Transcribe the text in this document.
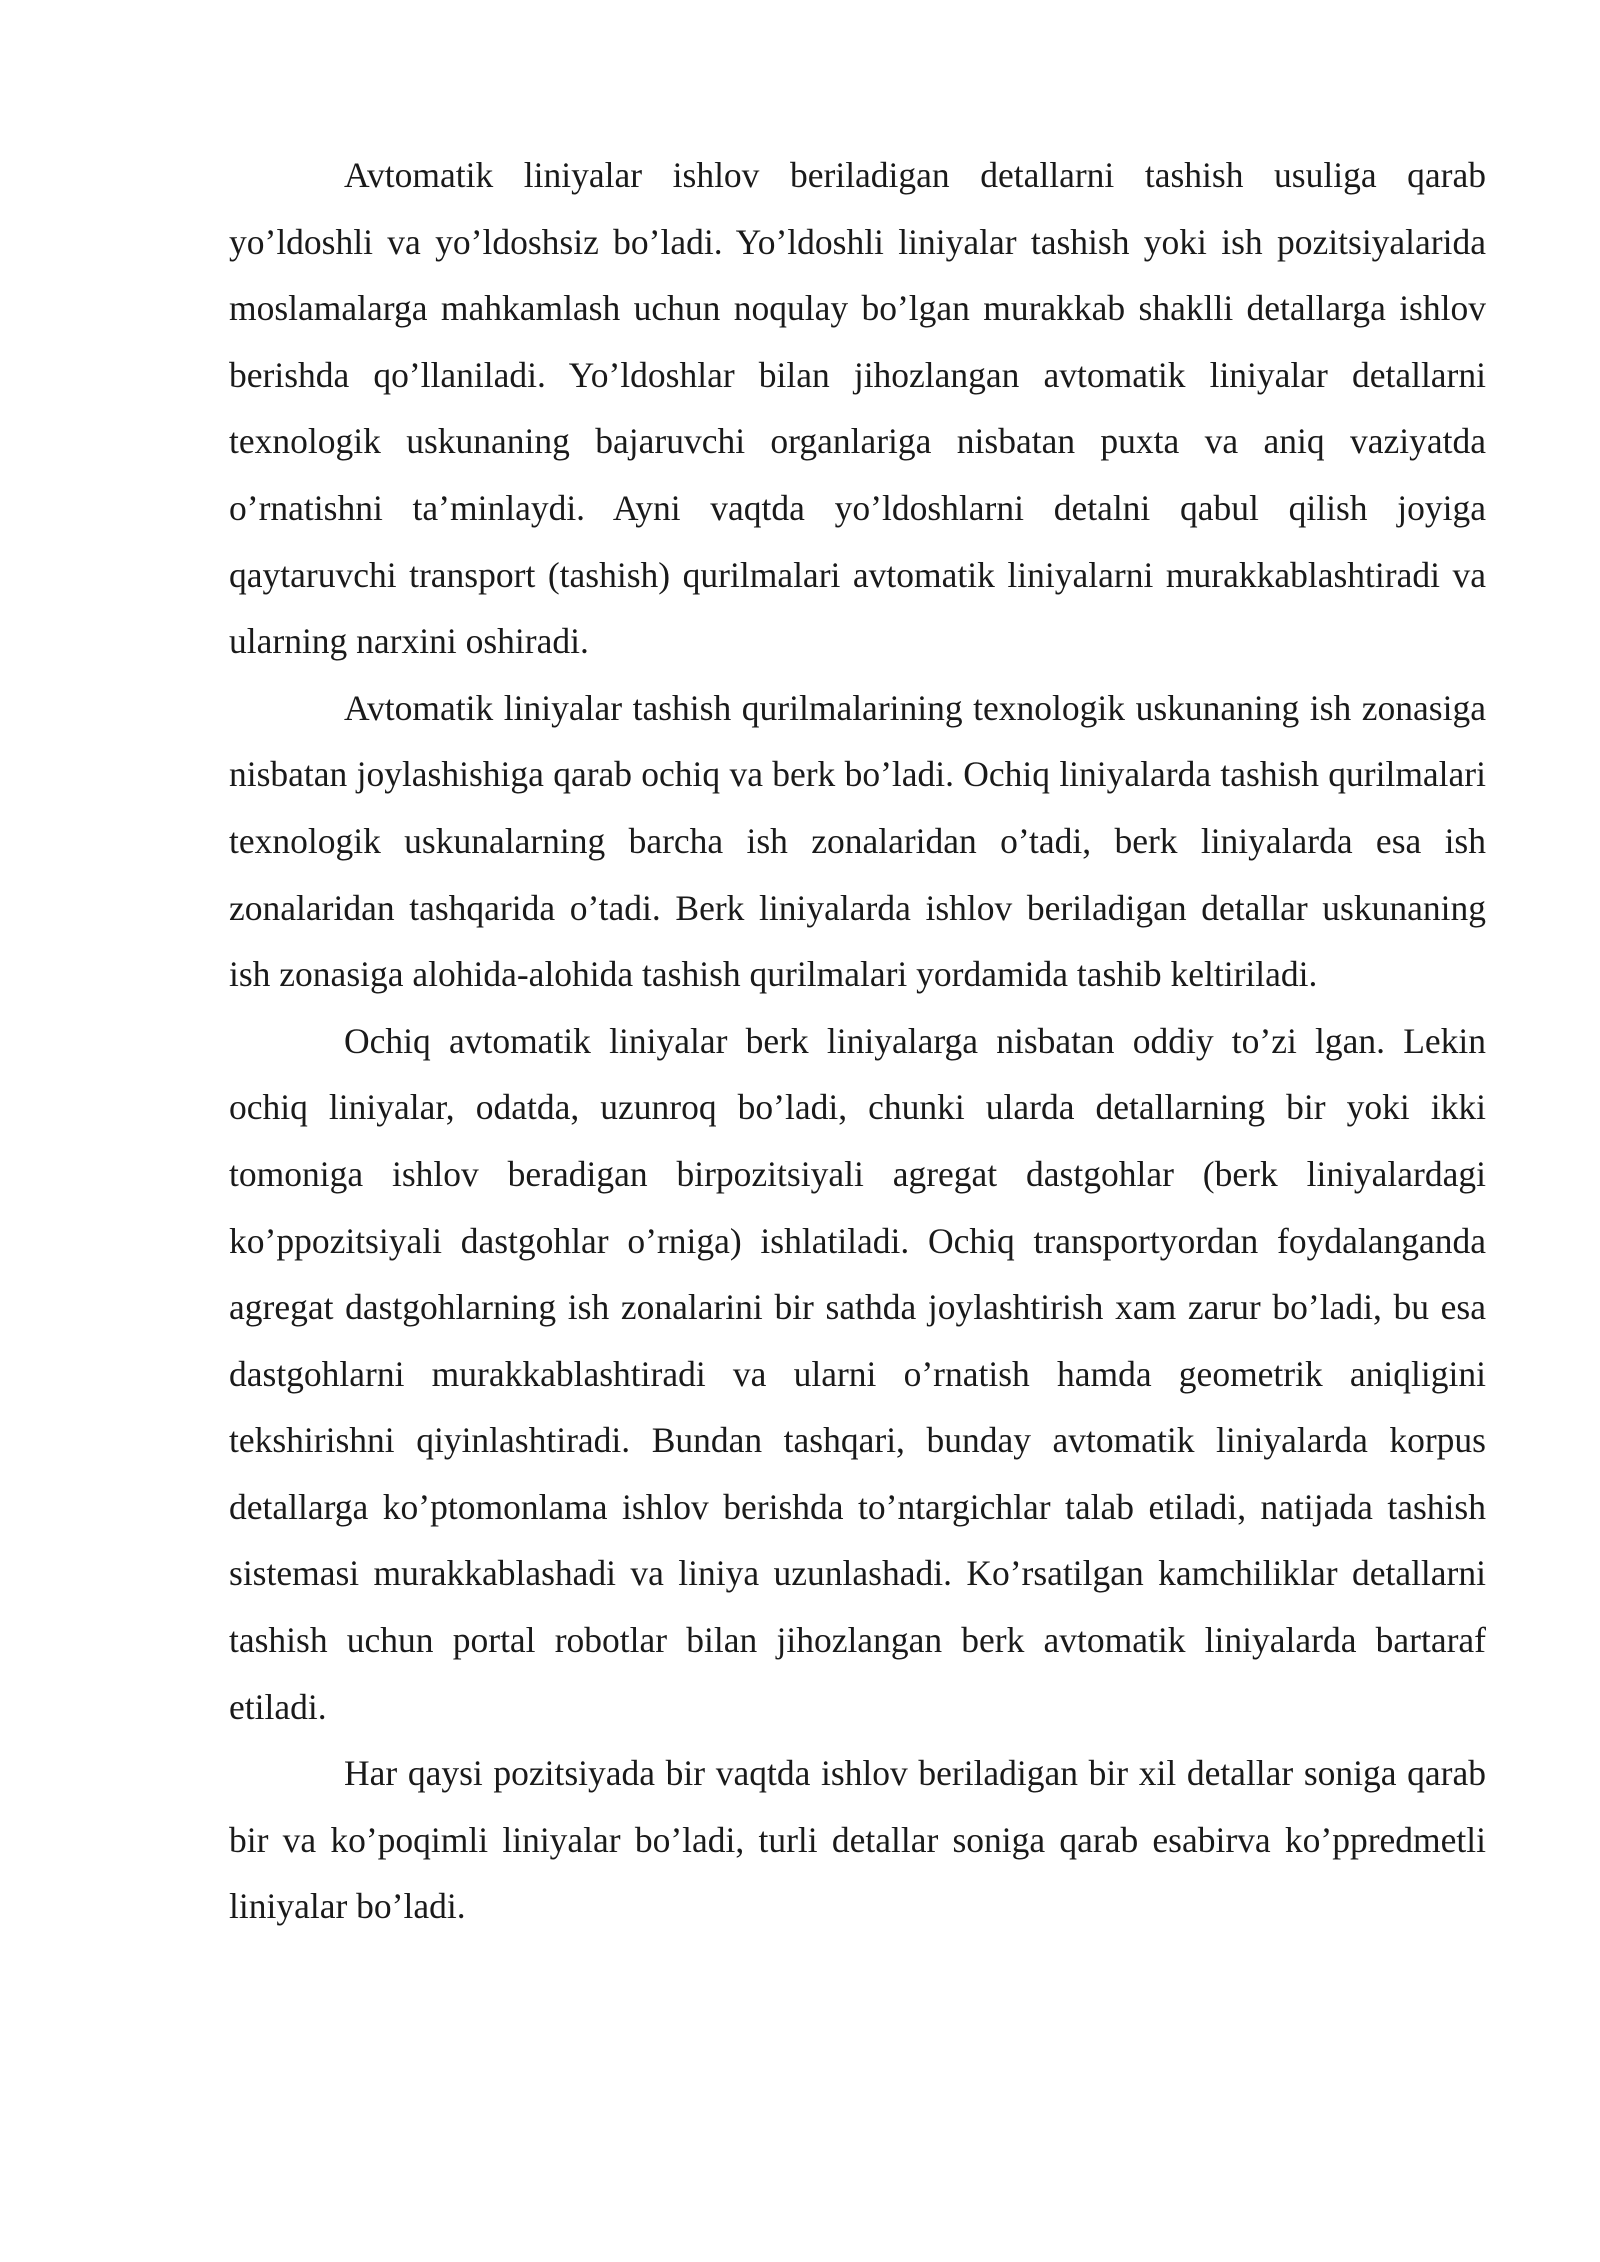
Avtomatik liniyalar ishlov beriladigan detallarni tashish usuliga qarab yo’ldoshli va yo’ldoshsiz bo’ladi. Yo’ldoshli liniyalar tashish yoki ish pozitsiyalarida moslamalarga mahkamlash uchun noqulay bo’lgan murakkab shaklli detallarga ishlov berishda qo’llaniladi. Yo’ldoshlar bilan jihozlangan avtomatik liniyalar detallarni texnologik uskunaning bajaruvchi organlariga nisbatan puxta va aniq vaziyatda o’rnatishni ta’minlaydi. Ayni vaqtda yo’ldoshlarni detalni qabul qilish joyiga qaytaruvchi transport (tashish) qurilmalari avtomatik liniyalarni murakkablashtiradi va ularning narxini oshiradi.

Avtomatik liniyalar tashish qurilmalarining texnologik uskunaning ish zonasiga nisbatan joylashishiga qarab ochiq va berk bo’ladi. Ochiq liniyalarda tashish qurilmalari texnologik uskunalarning barcha ish zonalaridan o’tadi, berk liniyalarda esa ish zonalaridan tashqarida o’tadi. Berk liniyalarda ishlov beriladigan detallar uskunaning ish zonasiga alohida-alohida tashish qurilmalari yordamida tashib keltiriladi.

Ochiq avtomatik liniyalar berk liniyalarga nisbatan oddiy to’zi lgan. Lekin ochiq liniyalar, odatda, uzunroq bo’ladi, chunki ularda detallarning bir yoki ikki tomoniga ishlov beradigan birpozitsiyali agregat dastgohlar (berk liniyalardagi ko’ppozitsiyali dastgohlar o’rniga) ishlatiladi. Ochiq transportyordan foydalanganda agregat dastgohlarning ish zonalarini bir sathda joylashtirish xam zarur bo’ladi, bu esa dastgohlarni murakkablashtiradi va ularni o’rnatish hamda geometrik aniqligini tekshirishni qiyinlashtiradi. Bundan tashqari, bunday avtomatik liniyalarda korpus detallarga ko’ptomonlama ishlov berishda to’ntargichlar talab etiladi, natijada tashish sistemasi murakkablashadi va liniya uzunlashadi. Ko’rsatilgan kamchiliklar detallarni tashish uchun portal robotlar bilan jihozlangan berk avtomatik liniyalarda bartaraf etiladi.

Har qaysi pozitsiyada bir vaqtda ishlov beriladigan bir xil detallar soniga qarab bir va ko’poqimli liniyalar bo’ladi, turli detallar soniga qarab esabirva ko’ppredmetli liniyalar bo’ladi.
